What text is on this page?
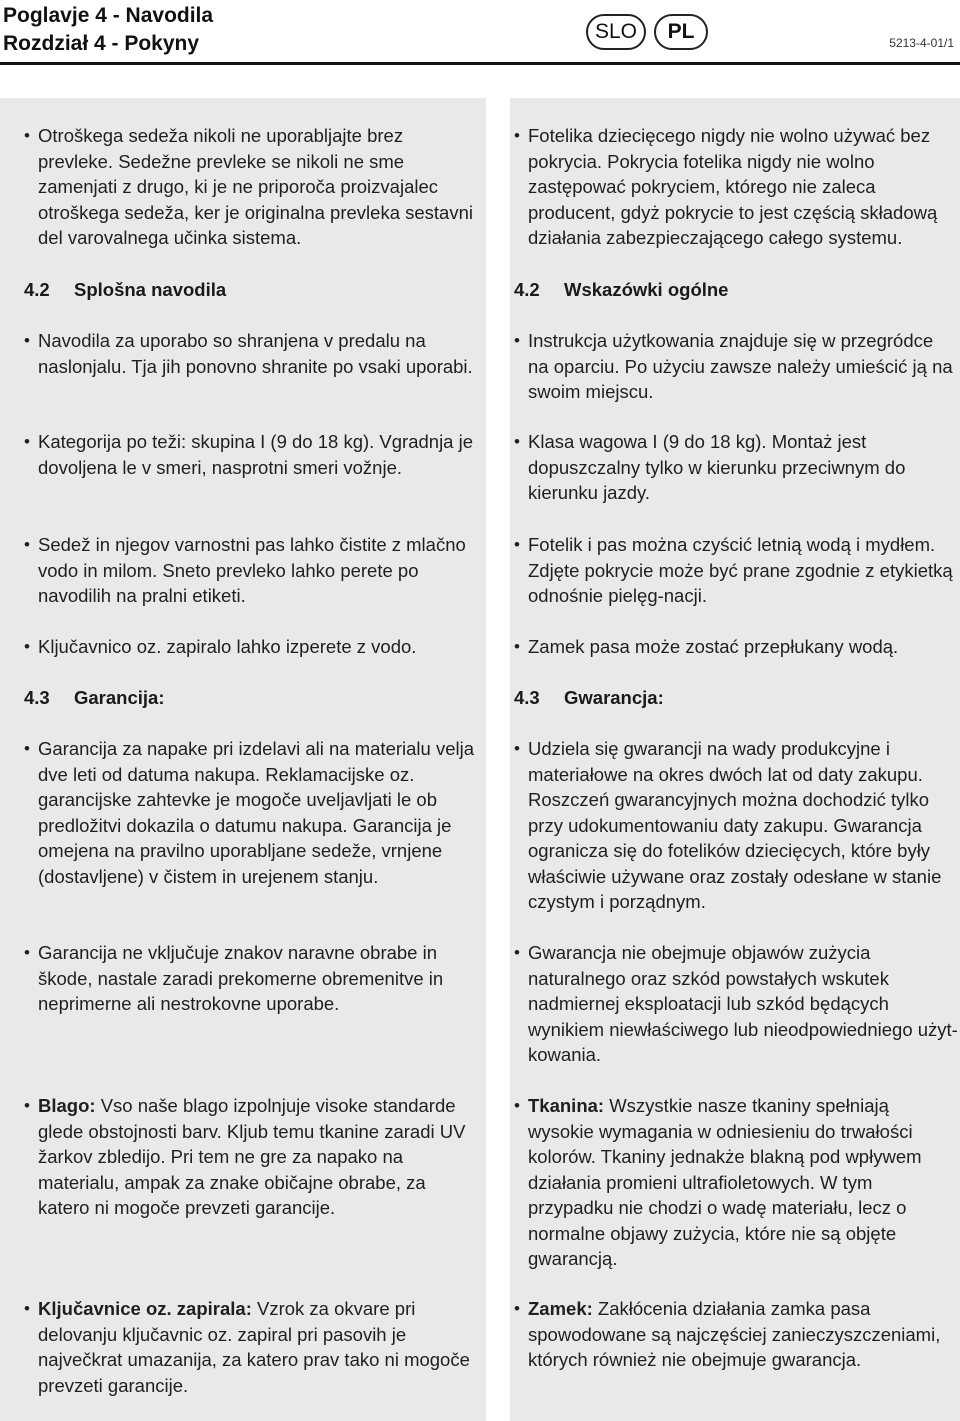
Poglavje 4 - Navodila
Rozdział 4 - Pokyny
SLO	PL	5213-4-01/1
• Otroškega sedeža nikoli ne uporabljajte brez prevleke. Sedežne prevleke se nikoli ne sme zamenjati z drugo, ki je ne priporoča proizvajalec otroškega sedeža, ker je originalna prevleka sestavni del varovalnega učinka sistema.
4.2 Splošna navodila
• Navodila za uporabo so shranjena v predalu na naslonjalu. Tja jih ponovno shranite po vsaki uporabi.
• Kategorija po teži: skupina I (9 do 18 kg). Vgradnja je dovoljena le v smeri, nasprotni smeri vožnje.
• Sedež in njegov varnostni pas lahko čistite z mlačno vodo in milom. Sneto prevleko lahko perete po navodilih na pralni etiketi.
• Ključavnico oz. zapiralo lahko izperete z vodo.
4.3 Garancija:
• Garancija za napake pri izdelavi ali na materialu velja dve leti od datuma nakupa. Reklamacijske oz. garancijske zahtevke je mogoče uveljavljati le ob predložitvi dokazila o datumu nakupa. Garancija je omejena na pravilno uporabljane sedeže, vrnjene (dostavljene) v čistem in urejenem stanju.
• Garancija ne vključuje znakov naravne obrabe in škode, nastale zaradi prekomerne obremenitve in neprimerne ali nestrokovne uporabe.
• Blago: Vso naše blago izpolnjuje visoke standarde glede obstojnosti barv. Kljub temu tkanine zaradi UV žarkov zbledijo. Pri tem ne gre za napako na materialu, ampak za znake običajne obrabe, za katero ni mogoče prevzeti garancije.
• Ključavnice oz. zapirala: Vzrok za okvare pri delovanju ključavnic oz. zapiral pri pasovih je največkrat umazanija, za katero prav tako ni mogoče prevzeti garancije.
• Fotelika dziecięcego nigdy nie wolno używać bez pokrycia. Pokrycia fotelika nigdy nie wolno zastępować pokryciem, którego nie zaleca producent, gdyż pokrycie to jest częścią składową działania zabezpieczającego całego systemu.
4.2 Wskazówki ogólne
• Instrukcja użytkowania znajduje się w przegródce na oparciu. Po użyciu zawsze należy umieścić ją na swoim miejscu.
• Klasa wagowa I (9 do 18 kg). Montaż jest dopuszczalny tylko w kierunku przeciwnym do kierunku jazdy.
• Fotelik i pas można czyścić letnią wodą i mydłem. Zdjęte pokrycie może być prane zgodnie z etykietką odnośnie pielęg-nacji.
• Zamek pasa może zostać przepłukany wodą.
4.3 Gwarancja:
• Udziela się gwarancji na wady produkcyjne i materiałowe na okres dwóch lat od daty zakupu. Roszczeń gwarancyjnych można dochodzić tylko przy udokumentowaniu daty zakupu. Gwarancja ogranicza się do fotelików dziecięcych, które były właściwie używane oraz zostały odesłane w stanie czystym i porządnym.
• Gwarancja nie obejmuje objawów zużycia naturalnego oraz szkód powstałych wskutek nadmiernej eksploatacji lub szkód będących wynikiem niewłaściwego lub nieodpowiedniego użyt-kowania.
• Tkanina: Wszystkie nasze tkaniny spełniają wysokie wymagania w odniesieniu do trwałości kolorów. Tkaniny jednakże blakną pod wpływem działania promieni ultrafioletowych. W tym przypadku nie chodzi o wadę materiału, lecz o normalne objawy zużycia, które nie są objęte gwarancją.
• Zamek: Zakłócenia działania zamka pasa spowodowane są najczęściej zanieczyszczeniami, których również nie obejmuje gwarancja.
